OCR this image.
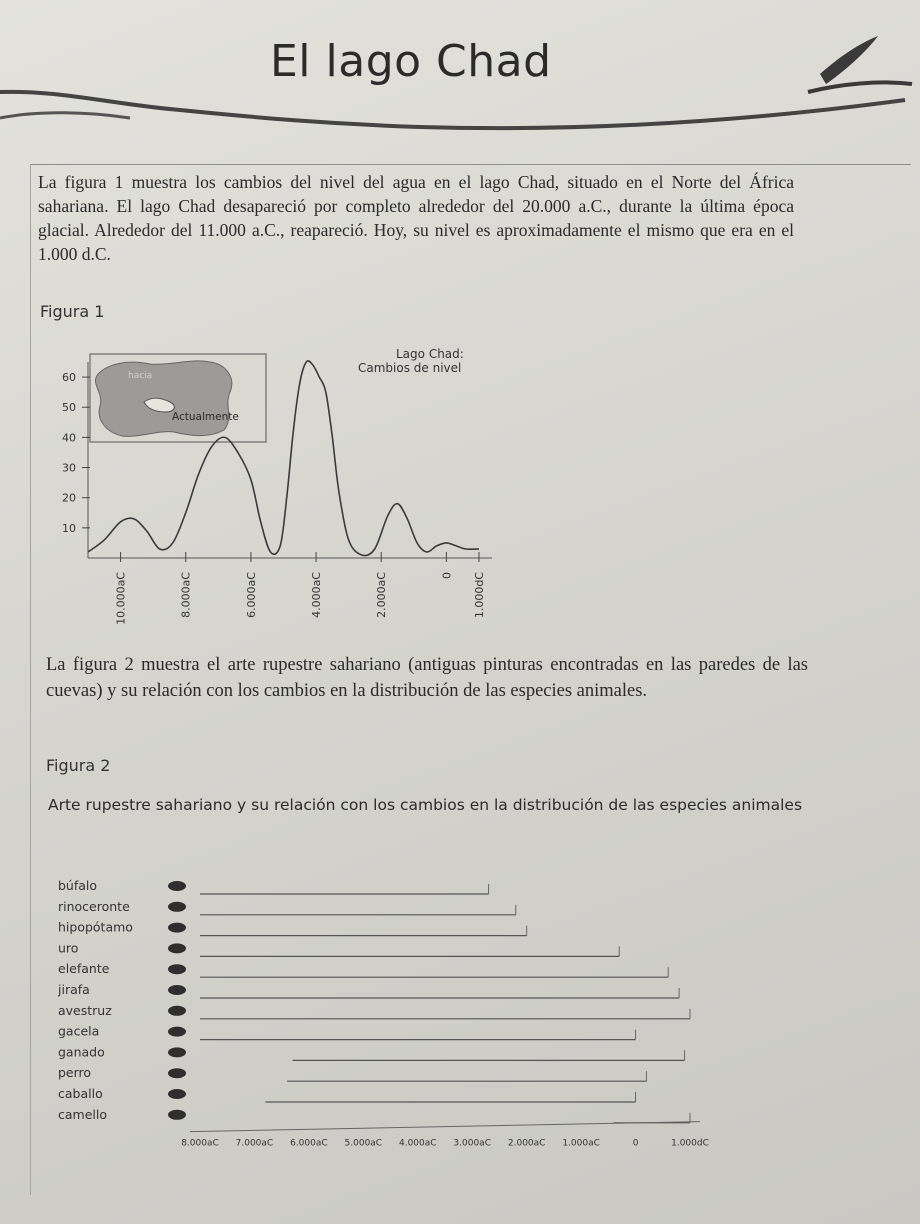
El lago Chad

La figura 1 muestra los cambios del nivel del agua en el lago Chad, situado en el Norte del África sahariana. El lago Chad desapareció por completo alrededor del 20.000 a.C., durante la última época glacial. Alrededor del 11.000 a.C., reapareció. Hoy, su nivel es aproximadamente el mismo que era en el 1.000 d.C.

Figura 1
hacia
Actualmente
10
20
30
40
50
60
10.000aC	8.000aC	6.000aC	4.000aC	2.000aC	0 1.000dC
Lago Chad:
Cambios de nivel

La figura 2 muestra el arte rupestre sahariano (antiguas pinturas encontradas en las paredes de las cuevas) y su relación con los cambios en la distribución de las especies animales.

Figura 2
Arte rupestre sahariano y su relación con los cambios en la distribución de las especies animales
búfalo
rinoceronte
hipopótamo
uro
elefante
jirafa
avestruz
gacela
ganado
perro
caballo
camello
8.000aC 7.000aC 6.000aC 5.000aC 4.000aC 3.000aC 2.000aC 1.000aC	0	1.000dC
